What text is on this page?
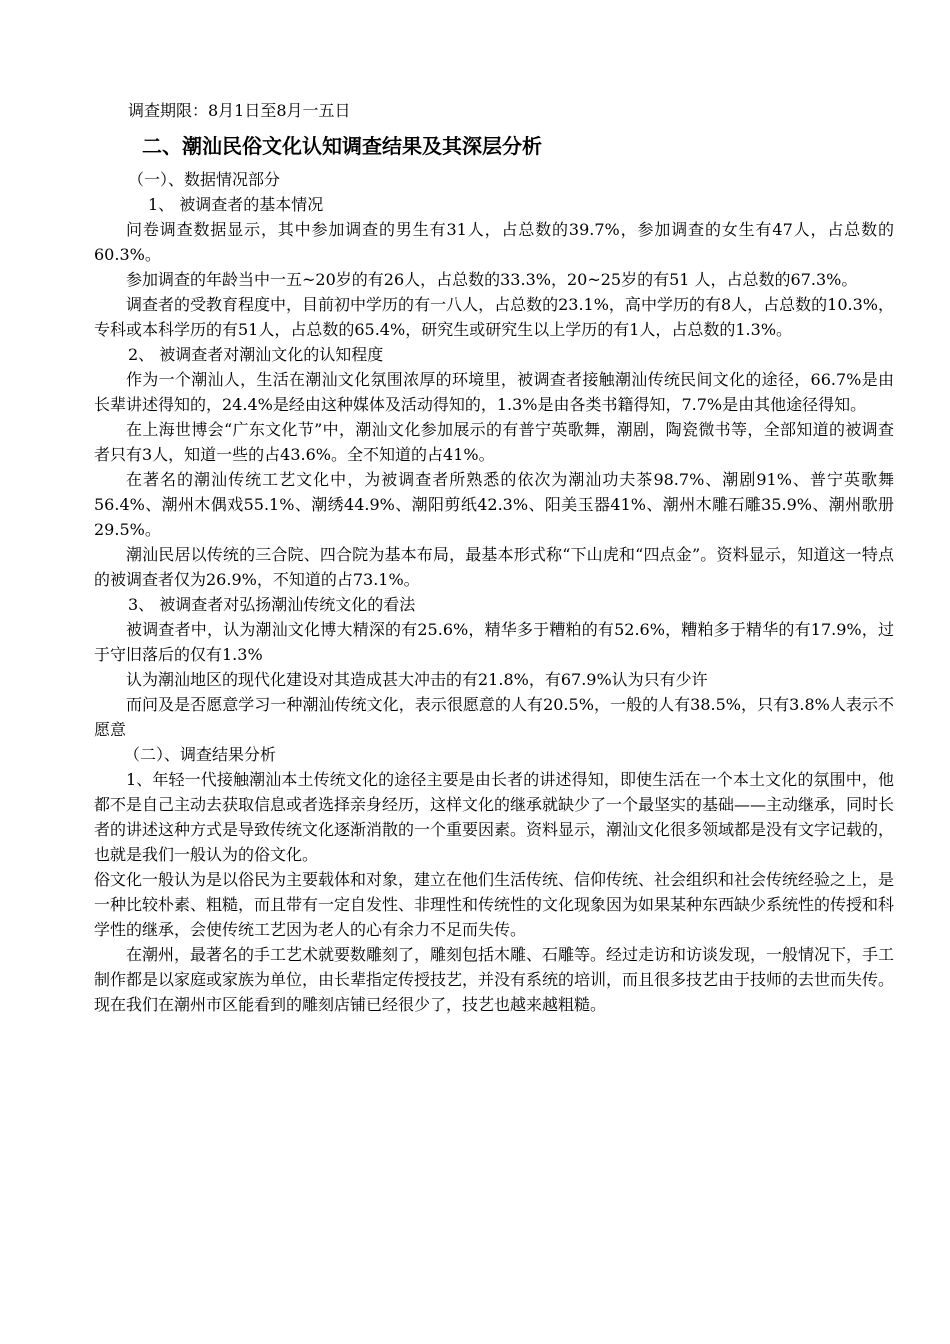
调查期限：8月1日至8月一五日

二、潮汕民俗文化认知调查结果及其深层分析

（一）、数据情况部分

1、 被调查者的基本情况

问卷调查数据显示，其中参加调查的男生有31人，占总数的39.7%，参加调查的女生有47人，占总数的60.3%。

参加调查的年龄当中一五~20岁的有26人，占总数的33.3%，20~25岁的有51 人，占总数的67.3%。

调查者的受教育程度中，目前初中学历的有一八人，占总数的23.1%，高中学历的有8人，占总数的10.3%，专科或本科学历的有51人，占总数的65.4%，研究生或研究生以上学历的有1人，占总数的1.3%。

2、 被调查者对潮汕文化的认知程度

作为一个潮汕人，生活在潮汕文化氛围浓厚的环境里，被调查者接触潮汕传统民间文化的途径，66.7%是由长辈讲述得知的，24.4%是经由这种媒体及活动得知的，1.3%是由各类书籍得知，7.7%是由其他途径得知。

在上海世博会“广东文化节”中，潮汕文化参加展示的有普宁英歌舞，潮剧，陶瓷微书等，全部知道的被调查者只有3人，知道一些的占43.6%。全不知道的占41%。

在著名的潮汕传统工艺文化中，为被调查者所熟悉的依次为潮汕功夫茶98.7%、潮剧91%、普宁英歌舞56.4%、潮州木偶戏55.1%、潮绣44.9%、潮阳剪纸42.3%、阳美玉器41%、潮州木雕石雕35.9%、潮州歌册29.5%。

潮汕民居以传统的三合院、四合院为基本布局，最基本形式称“下山虎和“四点金”。资料显示，知道这一特点的被调查者仅为26.9%，不知道的占73.1%。

3、 被调查者对弘扬潮汕传统文化的看法

被调查者中，认为潮汕文化博大精深的有25.6%，精华多于糟粕的有52.6%，糟粕多于精华的有17.9%，过于守旧落后的仅有1.3%

认为潮汕地区的现代化建设对其造成甚大冲击的有21.8%，有67.9%认为只有少许

而问及是否愿意学习一种潮汕传统文化，表示很愿意的人有20.5%，一般的人有38.5%，只有3.8%人表示不愿意

（二）、调查结果分析

1、年轻一代接触潮汕本土传统文化的途径主要是由长者的讲述得知，即使生活在一个本土文化的氛围中，他都不是自己主动去获取信息或者选择亲身经历，这样文化的继承就缺少了一个最坚实的基础——主动继承，同时长者的讲述这种方式是导致传统文化逐渐消散的一个重要因素。资料显示，潮汕文化很多领域都是没有文字记载的，也就是我们一般认为的俗文化。

俗文化一般认为是以俗民为主要载体和对象，建立在他们生活传统、信仰传统、社会组织和社会传统经验之上，是一种比较朴素、粗糙，而且带有一定自发性、非理性和传统性的文化现象因为如果某种东西缺少系统性的传授和科学性的继承，会使传统工艺因为老人的心有余力不足而失传。

在潮州，最著名的手工艺术就要数雕刻了，雕刻包括木雕、石雕等。经过走访和访谈发现，一般情况下，手工制作都是以家庭或家族为单位，由长辈指定传授技艺，并没有系统的培训，而且很多技艺由于技师的去世而失传。现在我们在潮州市区能看到的雕刻店铺已经很少了，技艺也越来越粗糙。
